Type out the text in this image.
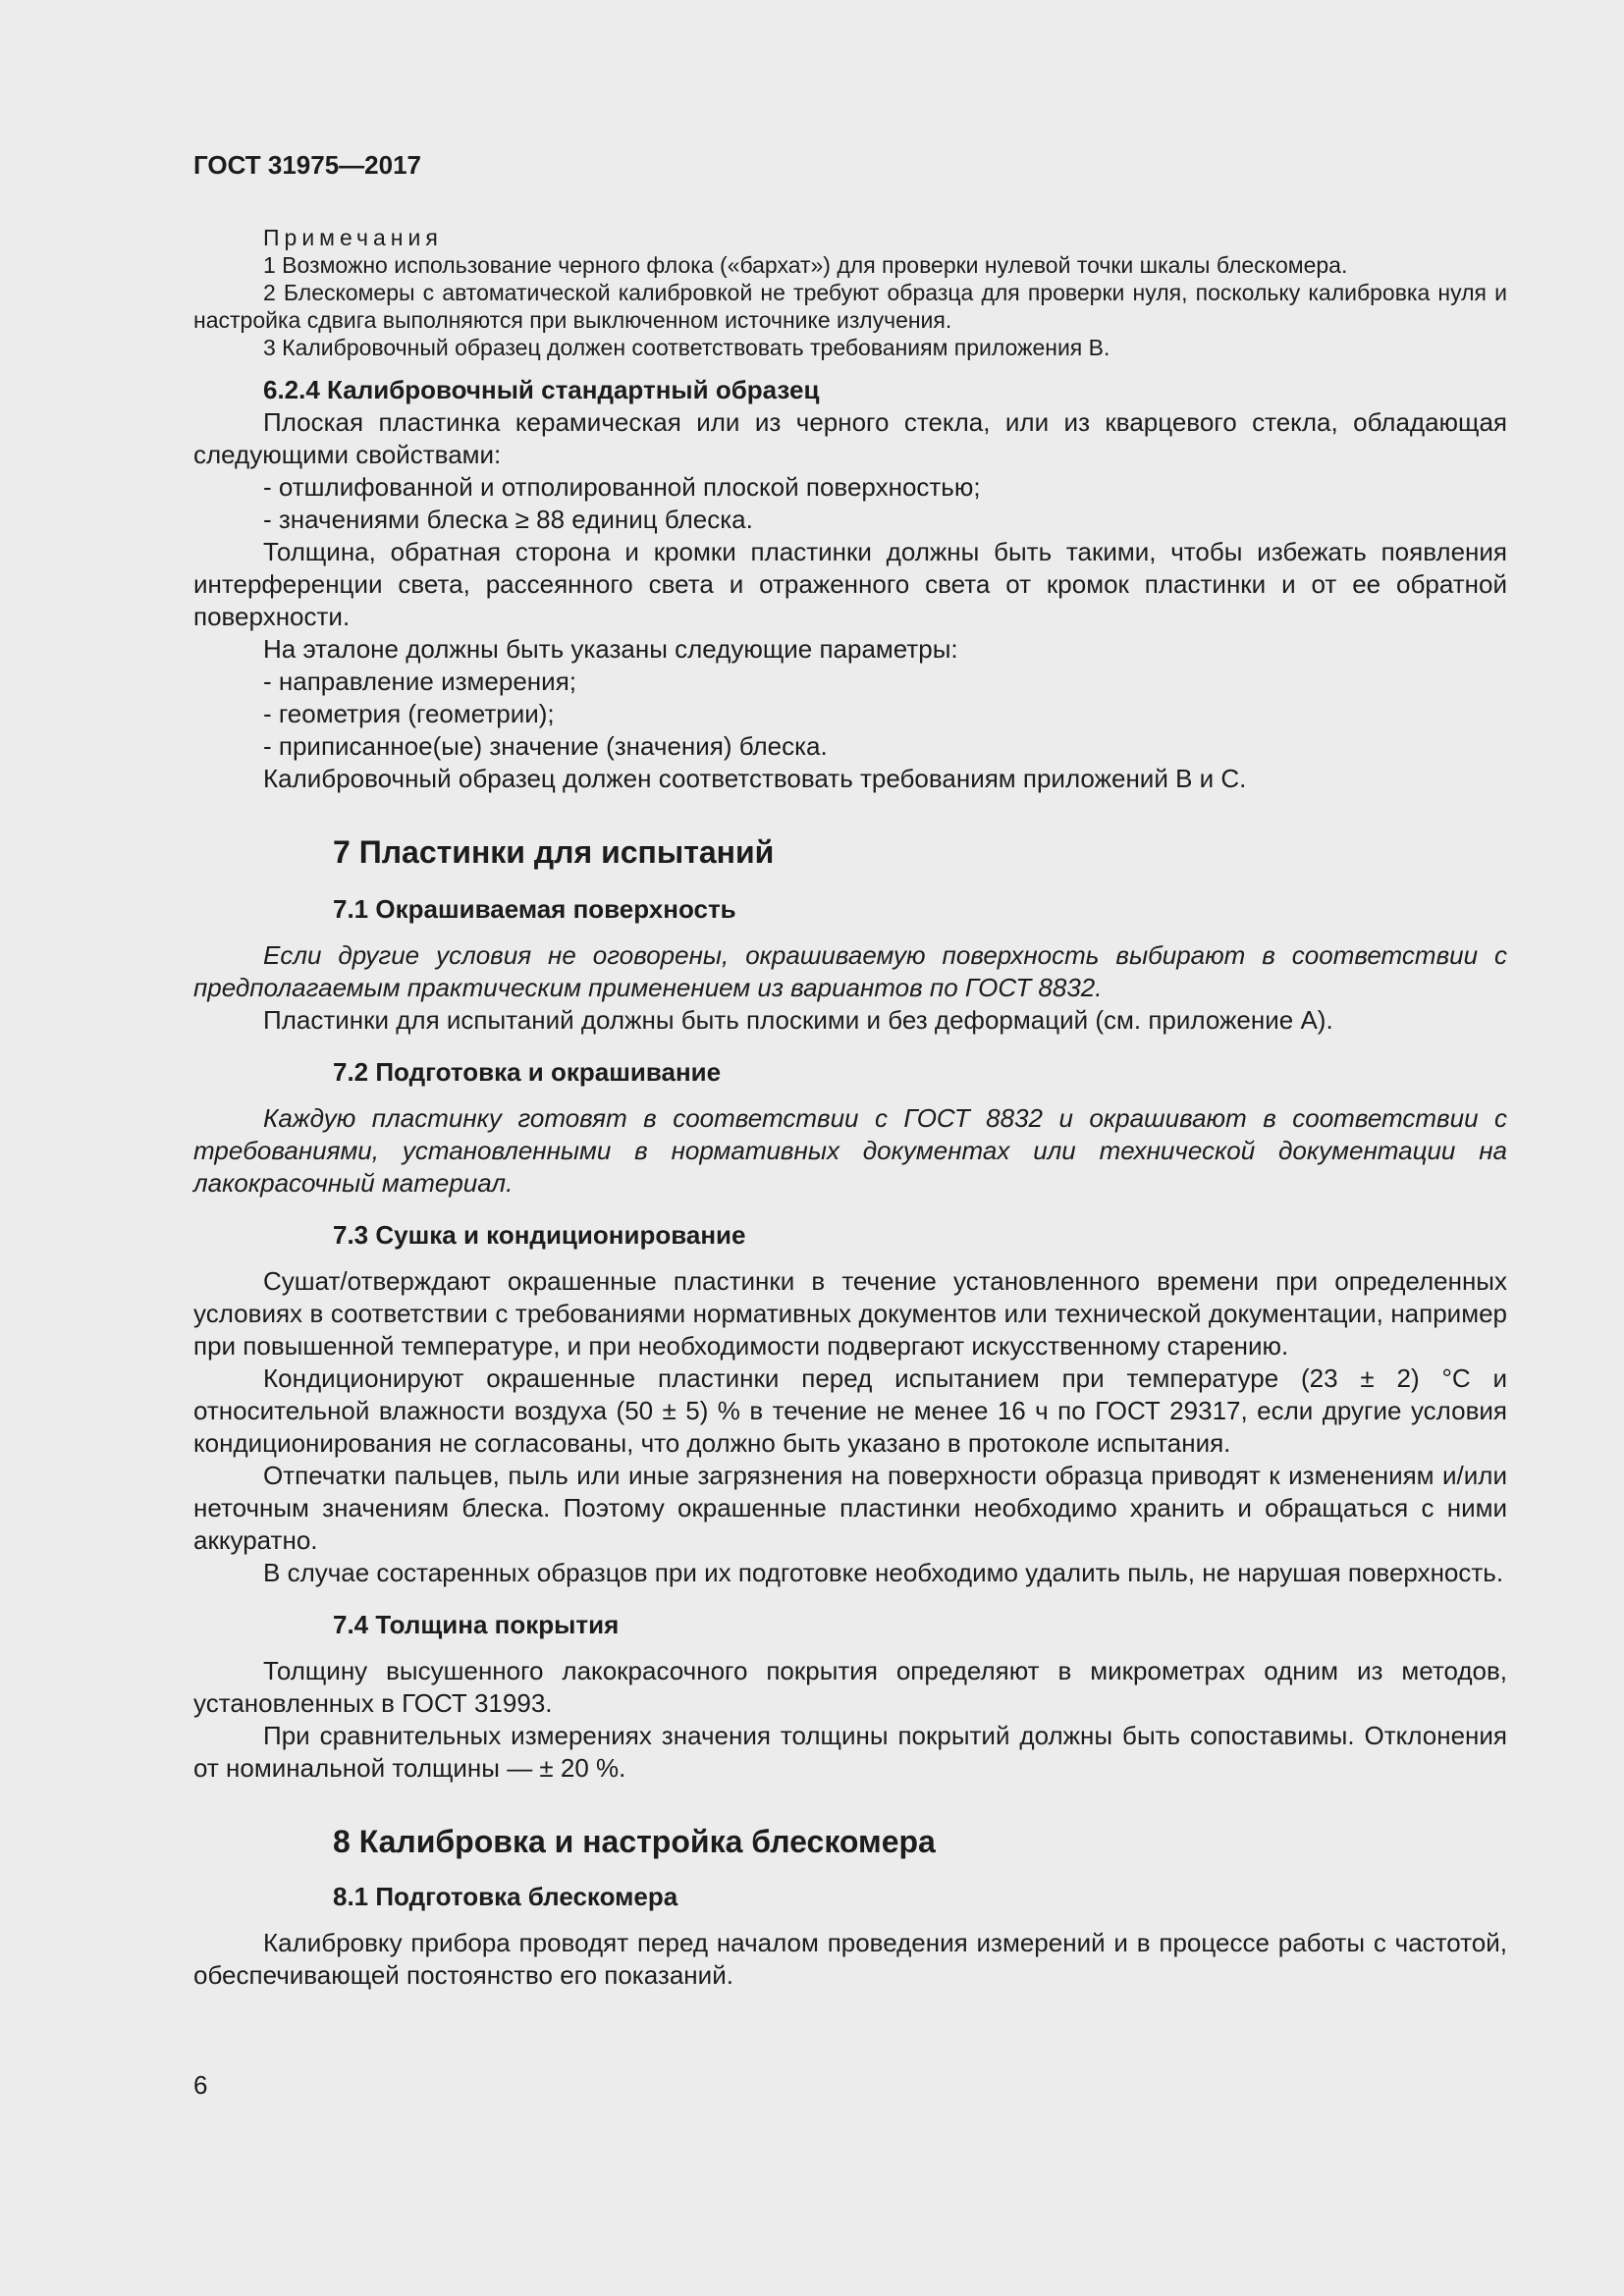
ГОСТ 31975—2017

Примечания

1 Возможно использование черного флока («бархат») для проверки нулевой точки шкалы блескомера.

2 Блескомеры с автоматической калибровкой не требуют образца для проверки нуля, поскольку калибровка нуля и настройка сдвига выполняются при выключенном источнике излучения.

3 Калибровочный образец должен соответствовать требованиям приложения В.

6.2.4 Калибровочный стандартный образец

Плоская пластинка керамическая или из черного стекла, или из кварцевого стекла, обладающая следующими свойствами:

- отшлифованной и отполированной плоской поверхностью;

- значениями блеска ≥ 88 единиц блеска.

Толщина, обратная сторона и кромки пластинки должны быть такими, чтобы избежать появления интерференции света, рассеянного света и отраженного света от кромок пластинки и от ее обратной поверхности.

На эталоне должны быть указаны следующие параметры:

- направление измерения;

- геометрия (геометрии);

- приписанное(ые) значение (значения) блеска.

Калибровочный образец должен соответствовать требованиям приложений В и С.

7 Пластинки для испытаний

7.1 Окрашиваемая поверхность

Если другие условия не оговорены, окрашиваемую поверхность выбирают в соответствии с предполагаемым практическим применением из вариантов по ГОСТ 8832.

Пластинки для испытаний должны быть плоскими и без деформаций (см. приложение А).

7.2 Подготовка и окрашивание

Каждую пластинку готовят в соответствии с ГОСТ 8832 и окрашивают в соответствии с требованиями, установленными в нормативных документах или технической документации на лакокрасочный материал.

7.3 Сушка и кондиционирование

Сушат/отверждают окрашенные пластинки в течение установленного времени при определенных условиях в соответствии с требованиями нормативных документов или технической документации, например при повышенной температуре, и при необходимости подвергают искусственному старению.

Кондиционируют окрашенные пластинки перед испытанием при температуре (23 ± 2) °С и относительной влажности воздуха (50 ± 5) % в течение не менее 16 ч по ГОСТ 29317, если другие условия кондиционирования не согласованы, что должно быть указано в протоколе испытания.

Отпечатки пальцев, пыль или иные загрязнения на поверхности образца приводят к изменениям и/или неточным значениям блеска. Поэтому окрашенные пластинки необходимо хранить и обращаться с ними аккуратно.

В случае состаренных образцов при их подготовке необходимо удалить пыль, не нарушая поверхность.

7.4 Толщина покрытия

Толщину высушенного лакокрасочного покрытия определяют в микрометрах одним из методов, установленных в ГОСТ 31993.

При сравнительных измерениях значения толщины покрытий должны быть сопоставимы. Отклонения от номинальной толщины — ± 20 %.

8 Калибровка и настройка блескомера

8.1 Подготовка блескомера

Калибровку прибора проводят перед началом проведения измерений и в процессе работы с частотой, обеспечивающей постоянство его показаний.

6
